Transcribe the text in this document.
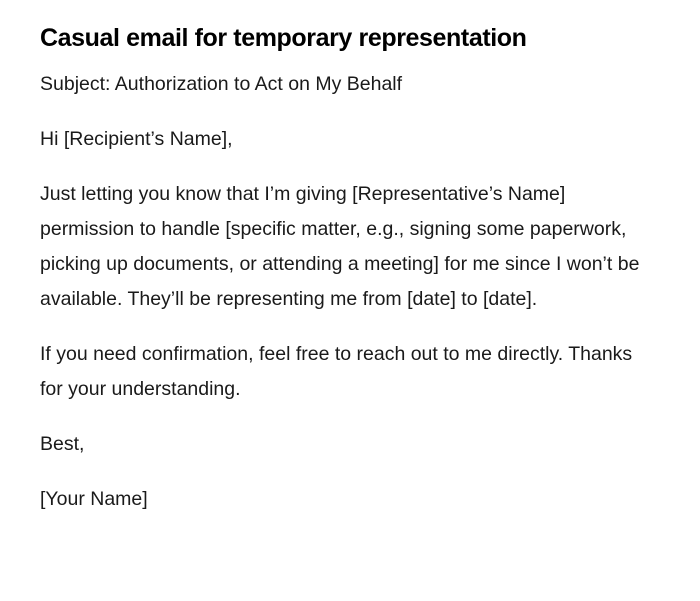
Casual email for temporary representation

Subject: Authorization to Act on My Behalf

Hi [Recipient’s Name],

Just letting you know that I’m giving [Representative’s Name] permission to handle [specific matter, e.g., signing some paperwork, picking up documents, or attending a meeting] for me since I won’t be available. They’ll be representing me from [date] to [date].

If you need confirmation, feel free to reach out to me directly. Thanks for your understanding.

Best,

[Your Name]
